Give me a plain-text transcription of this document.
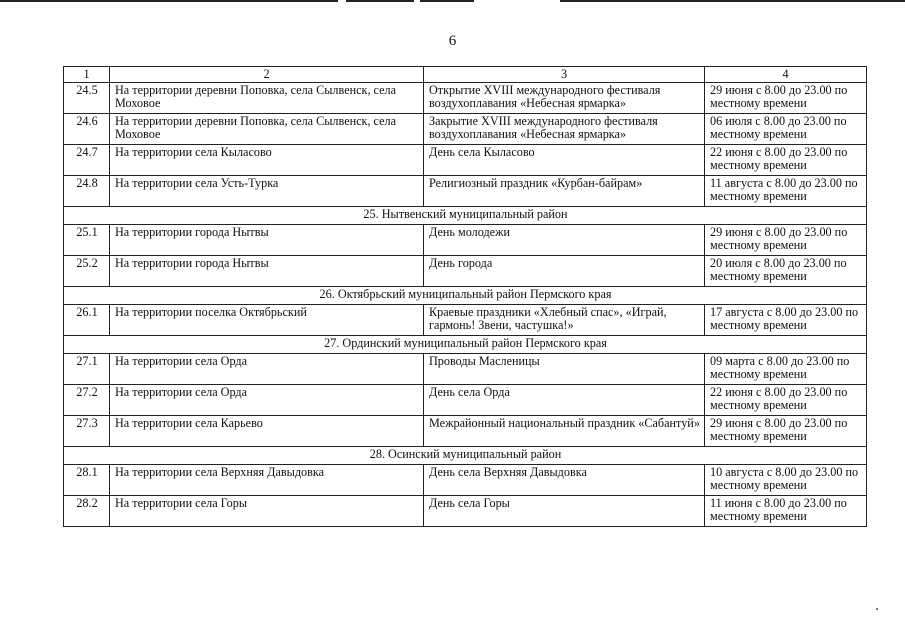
6
1	2	3	4
24.5	На территории деревни Поповка, села Сылвенск, села Моховое	Открытие XVIII международного фестиваля воздухоплавания «Небесная ярмарка»	29 июня с 8.00 до 23.00 по местному времени
24.6	На территории деревни Поповка, села Сылвенск, села Моховое	Закрытие XVIII международного фестиваля воздухоплавания «Небесная ярмарка»	06 июля с 8.00 до 23.00 по местному времени
24.7	На территории села Кыласово	День села Кыласово	22 июня с 8.00 до 23.00 по местному времени
24.8	На территории села Усть-Турка	Религиозный праздник «Курбан-байрам»	11 августа с 8.00 до 23.00 по местному времени
25. Нытвенский муниципальный район			
25.1	На территории города Нытвы	День молодежи	29 июня с 8.00 до 23.00 по местному времени
25.2	На территории города Нытвы	День города	20 июля с 8.00 до 23.00 по местному времени
26. Октябрьский муниципальный район Пермского края			
26.1	На территории поселка Октябрьский	Краевые праздники «Хлебный спас», «Играй, гармонь! Звени, частушка!»	17 августа с 8.00 до 23.00 по местному времени
27. Ординский муниципальный район Пермского края			
27.1	На территории села Орда	Проводы Масленицы	09 марта с 8.00 до 23.00 по местному времени
27.2	На территории села Орда	День села Орда	22 июня с 8.00 до 23.00 по местному времени
27.3	На территории села Карьево	Межрайонный национальный праздник «Сабантуй»	29 июня с 8.00 до 23.00 по местному времени
28. Осинский муниципальный район			
28.1	На территории села Верхняя Давыдовка	День села Верхняя Давыдовка	10 августа с 8.00 до 23.00 по местному времени
28.2	На территории села Горы	День села Горы	11 июня с 8.00 до 23.00 по местному времени
